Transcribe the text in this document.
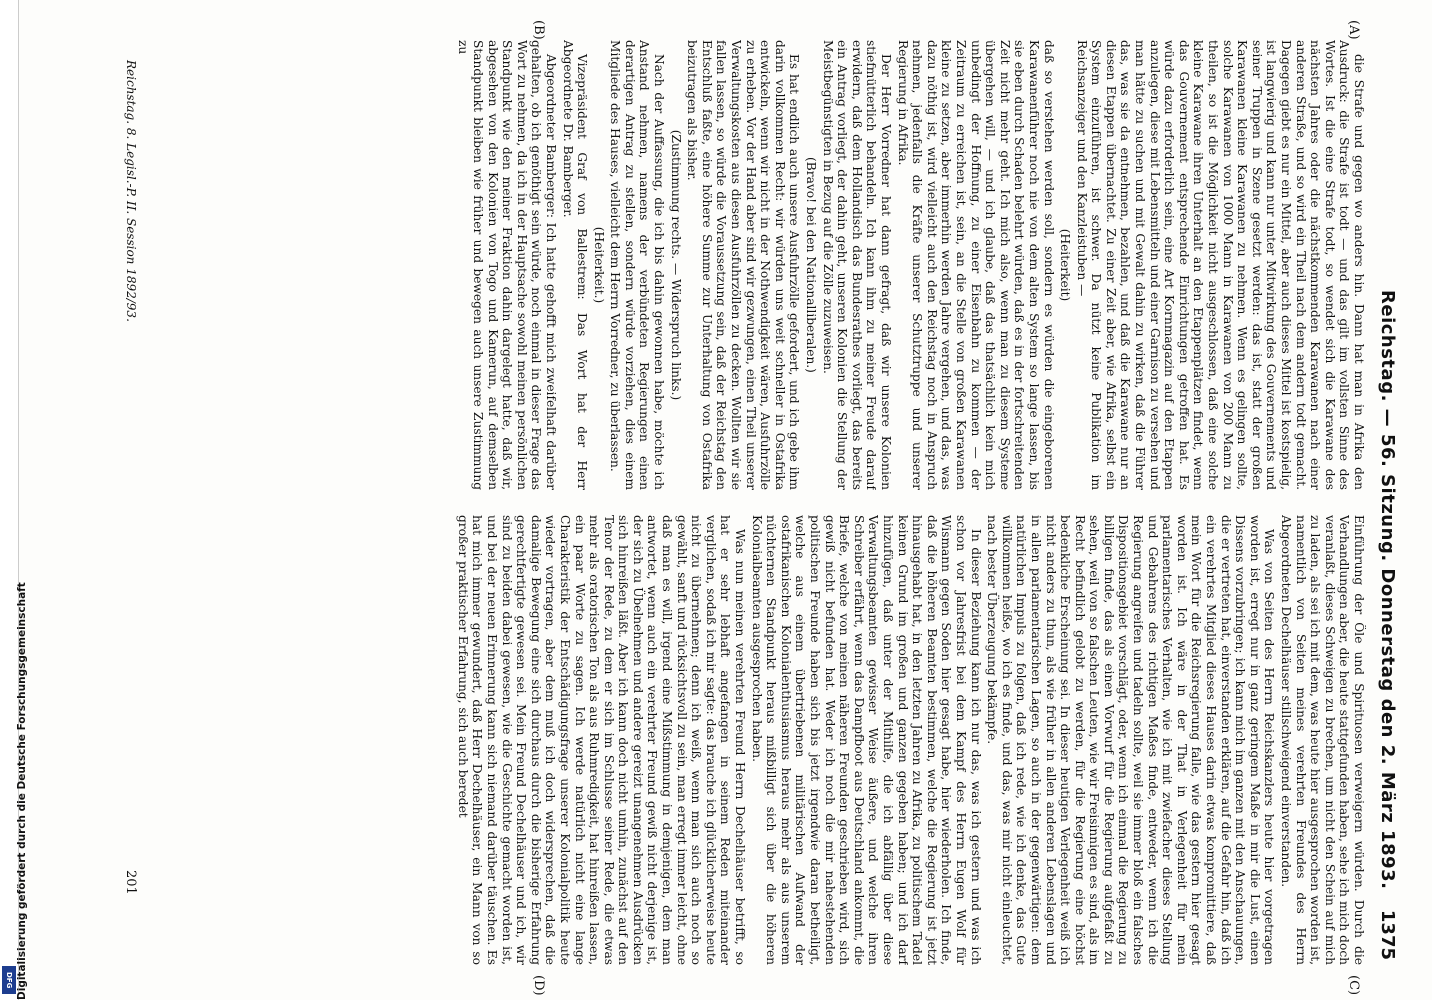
Digitalisierung gefördert durch die Deutsche Forschungsgemeinschaft
DFG
Reichstag. — 56. Sitzung. Donnerstag den 2. März 1893.
1375
(A)
(B)
(C)
(D)

die Strafe und gegen wo anders hin. Dann hat man in Afrika den Ausdruck: die Strafe ist todt — und das gilt im vollsten Sinne des Wortes. Ist die eine Strafe todt, so wendet sich die Karawane des nächsten Jahres oder die nächstkommenden Karawanen nach einer anderen Straße, und so wird ein Theil nach dem andern todt gemacht. Dagegen giebt es nur ein Mittel, aber auch dieses Mittel ist kostspielig, ist langwierig und kann nur unter Mitwirkung des Gouvernements und seiner Truppen in Szene gesetzt werden: das ist, statt der großen Karawanen kleine Karawanen zu nehmen. Wenn es gelingen sollte, solche Karawanen von 1000 Mann in Karawanen von 200 Mann zu theilen, so ist die Möglichkeit nicht ausgeschlossen, daß eine solche kleine Karawane ihren Unterhalt an den Etappenplätzen findet, wenn das Gouvernement entsprechende Einrichtungen getroffen hat. Es würde dazu erforderlich sein, eine Art Kornmagazin auf den Etappen anzulegen, diese mit Lebensmitteln und einer Garnison zu versehen und man hätte zu suchen und mit Gewalt dahin zu wirken, daß die Führer das, was sie da entnehmen, bezahlen, und daß die Karawane nur an diesen Etappen übernachtet. Zu einer Zeit aber, wie Afrika, selbst ein System einzuführen, ist schwer. Da nützt keine Publikation im Reichsanzeiger und den Kanzleistuben —

(Heiterkeit)

daß so verstehen werden soll, sondern es würden die eingeborenen Karawanenführer noch nie von dem alten System so lange lassen, bis sie eben durch Schaden belehrt würden, daß es in der fortschreitenden Zeit nicht mehr geht. Ich mich also, wenn man zu diesem Systeme übergehen will, — und ich glaube, daß das thatsächlich kein mich unbedingt der Hoffnung, zu einer Eisenbahn zu kommen — der Zeitraum zu erreichen ist, sein, an die Stelle von großen Karawanen kleine zu setzen, aber immerhin werden Jahre vergehen, und das, was dazu nöthig ist, wird vielleicht auch den Reichstag noch in Anspruch nehmen, jedenfalls die Kräfte unserer Schutztruppe und unserer Regierung in Afrika.

Der Herr Vorredner hat dann gefragt, daß wir unsere Kolonien stiefmütterlich behandeln. Ich kann ihm zu meiner Freude darauf erwidern, daß dem Hollandisch das Bundesrathes vorliegt, das bereits ein Antrag vorliegt, der dahin geht, unseren Kolonien die Stellung der Meistbegünstigten in Bezug auf die Zölle zuzuweisen.

(Bravo! bei den Nationalliberalen.)

Es hat endlich auch unsere Ausfuhrzölle gefordert, und ich gebe ihm darin vollkommen Recht: wir würden uns weit schneller in Ostafrika entwickeln, wenn wir nicht in der Nothwendigkeit wären, Ausfuhrzölle zu erheben. Vor der Hand aber sind wir gezwungen, einen Theil unserer Verwaltungskosten aus diesen Ausfuhrzöllen zu decken. Wollten wir sie fallen lassen, so würde die Voraussetzung sein, daß der Reichstag den Entschluß faßte, eine höhere Summe zur Unterhaltung von Ostafrika beizutragen als bisher.

(Zustimmung rechts. — Widerspruch links.)

Nach der Auffassung, die ich bis dahin gewonnen habe, möchte ich Anstand nehmen, namens der verbündeten Regierungen einen derartigen Antrag zu stellen, sondern würde vorziehen, dies einem Mitgliede des Hauses, vielleicht dem Herrn Vorredner, zu überlassen.

(Heiterkeit.)

Vizepräsident Graf von Ballestrem: Das Wort hat der Herr Abgeordnete Dr. Bamberger.

Abgeordneter Bamberger: Ich hatte gehofft mich zweifelhaft darüber gehalten, ob ich genöthigt sein würde, noch einmal in dieser Frage das Wort zu nehmen, da ich in der Hauptsache sowohl meinen persönlichen Standpunkt wie den meiner Fraktion dahin dargelegt hatte, daß wir, abgesehen von den Kolonien von Togo und Kamerun, auf demselben Standpunkt bleiben wie früher und bewegen auch unsere Zustimmung zu

Einführung der Öle und Spirituosen verweigern würden. Durch die Verhandlungen aber, die heute stattgefunden haben, sehe ich mich doch veranlaßt, dieses Schweigen zu brechen, um nicht den Schein auf mich zu laden, als sei ich mit dem, was heute hier ausgesprochen worden ist, namentlich von Seiten meines verehrten Freundes des Herrn Abgeordneten Dechelhäuser stillschweigend einverstanden.

Was von Seiten des Herrn Reichskanzlers heute hier vorgetragen worden ist, erregt nur in ganz geringem Maße in mir die Lust, einen Dissens vorzubringen; ich kann mich im ganzen mit den Anschauungen, die er vertreten hat, einverstanden erklären, auf die Gefahr hin, daß ich ein verehrtes Mitglied dieses Hauses darin etwas kompromittiere, daß mein Wort für die Reichsregierung falle, wie das gestern hier gesagt worden ist. Ich wäre in der That in Verlegenheit für mein parlamentarisches Verhalten, wie ich mit zwiefacher dieses Stellung und Gebahrens des richtigen Maßes finde, entweder, wenn ich die Regierung angreifen und tadeln sollte, weil sie immer bloß ein falsches Dispositionsgebiet vorschlägt, oder, wenn ich einmal die Regierung zu billigen finde, das als einen Vorwurf für die Regierung aufgefaßt zu sehen, weil von so falschen Leuten, wie wir Freisinnigen es sind, als im Recht befindlich gelobt zu werden, für die Regierung eine höchst bedenkliche Erscheinung sei. In dieser heutigen Verlegenheit weiß ich nicht anders zu thun, als wie früher in allen anderen Lebenslagen und in allen parlamentarischen Lagen, so auch in der gegenwärtigen: dem natürlichen Impuls zu folgen, daß ich rede, wie ich denke, das Gute willkommen heiße, wo ich es finde, und das, was mir nicht einleuchtet, nach bester Überzeugung bekämpfe.

In dieser Beziehung kann ich nur das, was ich gestern und was ich schon vor Jahresfrist bei dem Kampf des Herrn Eugen Wolf für Wismann gegen Soden hier gesagt habe, hier wiederholen. Ich finde, daß die höheren Beamten bestimmen, welche die Regierung ist jetzt hinausgehabt hat, in den letzten Jahren zu Afrika, zu politischem Tadel keinen Grund im großen und ganzen gegeben haben; und ich darf hinzufügen, daß unter der Mithilfe, die ich abfällig über diese Verwaltungsbeamten gewisser Weise äußere, und welche ihren Schreiber erfährt, wenn das Dampfboot aus Deutschland ankommt, die Briefe, welche von meinen näheren Freunden geschrieben wird, sich gewiß nicht befunden hat. Weder ich noch die mir nahestehenden politischen Freunde haben sich bis jetzt irgendwie daran betheiligt, welche aus einem übertriebenen militärischen Aufwand der ostafrikanischen Kolonialenthusiasmus heraus mehr als aus unserem nüchternen Standpunkt heraus mißbilligt sich über die höheren Kolonialbeamten ausgesprochen haben.

Was nun meinen verehrten Freund Herrn Dechelhäuser betrifft, so hat er sehr lebhaft angefangen in seinem Reden miteinander verglichen, sodaß ich mir sagte: das brauche ich glücklicherweise heute nicht zu übernehmen; denn ich weiß, wenn man sich auch noch so gewählt, sanft und rücksichtsvoll zu sein, man erregt immer leicht, ohne daß man es will, irgend eine Mißstimmung in demjenigen, dem man antwortet, wenn auch ein verehrter Freund gewiß nicht derjenige ist, der sich zu Übelnehmen und andere gereizt unangenehmen Ausdrücken sich hinreißen läßt. Aber ich kann doch nicht umhin, zunächst auf den Tenor der Rede, zu dem er sich im Schlusse seiner Rede, die etwas mehr als oratorischen Ton als aus Ruhmredigkeit, hat hinreißen lassen, ein paar Worte zu sagen. Ich werde natürlich nicht eine lange Charakteristik der Entschädigungsfrage unserer Kolonialpolitik heute wieder vortragen, aber dem muß ich doch widersprechen, daß die damalige Bewegung eine sich durchaus durch die bisherige Erfahrung gerechtfertigte gewesen sei. Mein Freund Dechelhäuser und ich, wir sind zu beiden dabei gewesen, wie die Geschichte gemacht worden ist, und bei der neuen Erinnerung kann sich niemand darüber täuschen. Es hat mich immer gewundert, daß Herr Dechelhäuser, ein Mann von so großer praktischer Erfahrung, sich auch beredet

Reichstag. 8. Legisl.-P. II. Session 1892/93.
201
